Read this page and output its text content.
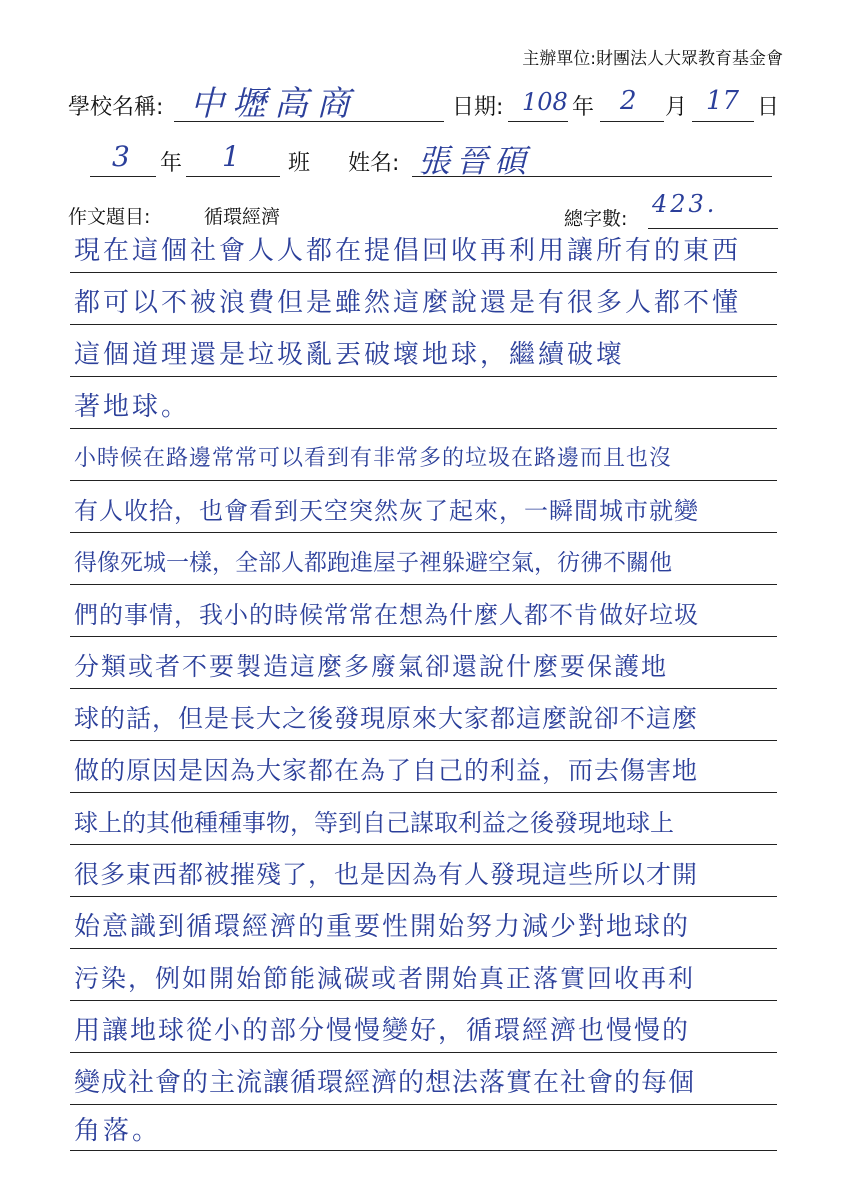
主辦單位:財團法人大眾教育基金會
學校名稱: 中壢高商	日期: 108 年 2 月 17 日
3 年 1 班 姓名: 張晉碩
作文題目:	循環經濟	總字數:
423.
現在這個社會人人都在提倡回收再利用讓所有的東西
都可以不被浪費但是雖然這麼說還是有很多人都不懂
這個道理還是垃圾亂丟破壞地球，繼續破壞
著地球。
小時候在路邊常常可以看到有非常多的垃圾在路邊而且也沒
有人收拾，也會看到天空突然灰了起來，一瞬間城市就變
得像死城一樣，全部人都跑進屋子裡躲避空氣，彷彿不關他
們的事情，我小的時候常常在想為什麼人都不肯做好垃圾
分類或者不要製造這麼多廢氣卻還說什麼要保護地
球的話，但是長大之後發現原來大家都這麼說卻不這麼
做的原因是因為大家都在為了自己的利益，而去傷害地
球上的其他種種事物，等到自己謀取利益之後發現地球上
很多東西都被摧殘了，也是因為有人發現這些所以才開
始意識到循環經濟的重要性開始努力減少對地球的
污染，例如開始節能減碳或者開始真正落實回收再利
用讓地球從小的部分慢慢變好，循環經濟也慢慢的
變成社會的主流讓循環經濟的想法落實在社會的每個
角落。
